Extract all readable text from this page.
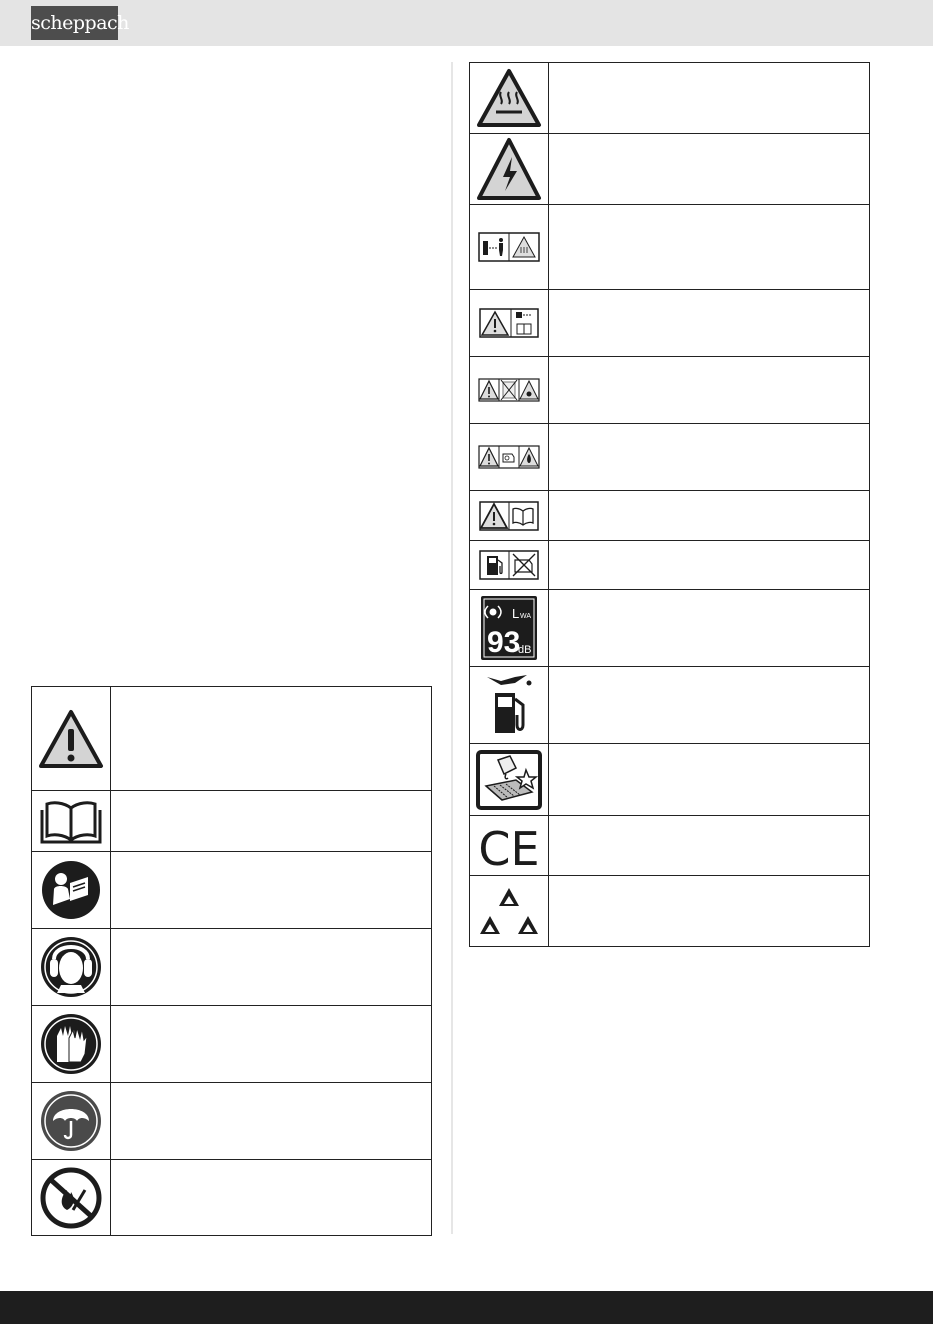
scheppach

L WA
93
dB	

CE	
